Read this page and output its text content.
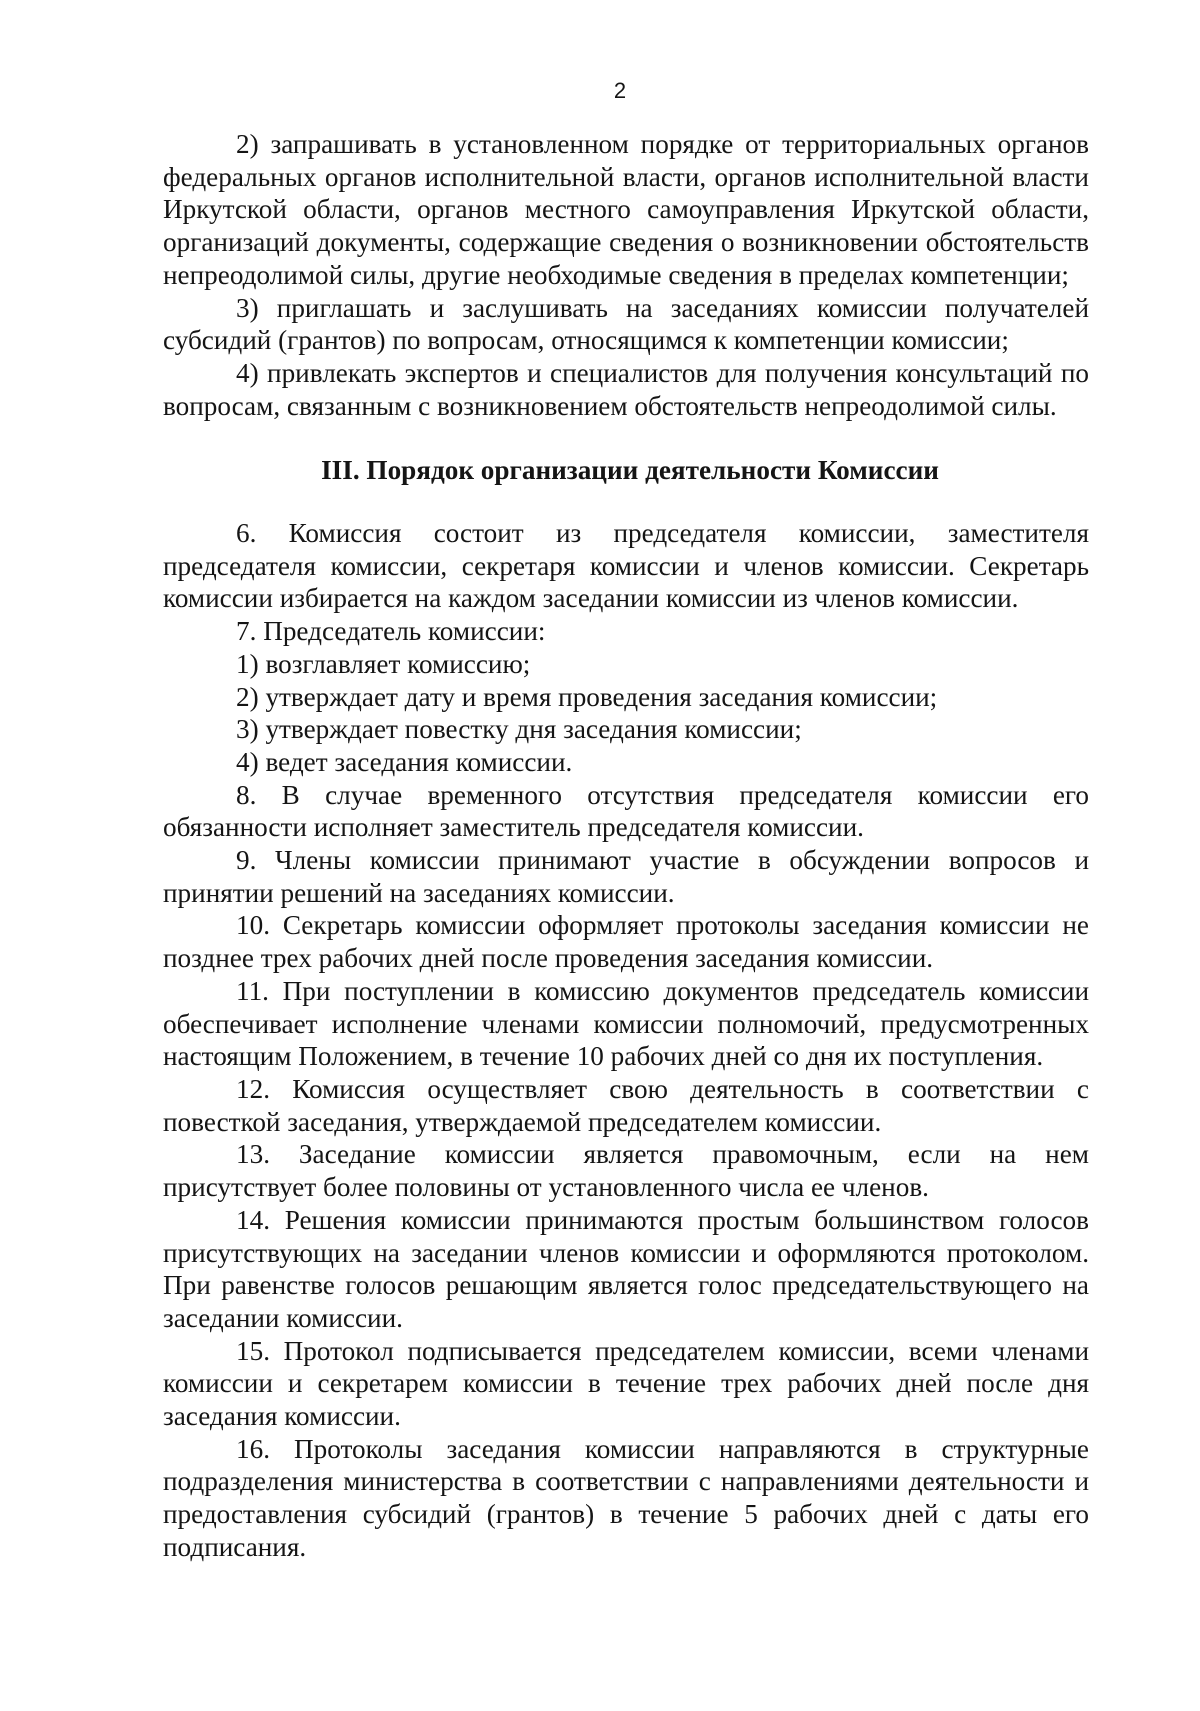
2

2) запрашивать в установленном порядке от территориальных органов федеральных органов исполнительной власти, органов исполнительной власти Иркутской области, органов местного самоуправления Иркутской области, организаций документы, содержащие сведения о возникновении обстоятельств непреодолимой силы, другие необходимые сведения в пределах компетенции;

3) приглашать и заслушивать на заседаниях комиссии получателей субсидий (грантов) по вопросам, относящимся к компетенции комиссии;

4) привлекать экспертов и специалистов для получения консультаций по вопросам, связанным с возникновением обстоятельств непреодолимой силы.

III. Порядок организации деятельности Комиссии

6. Комиссия состоит из председателя комиссии, заместителя председателя комиссии, секретаря комиссии и членов комиссии. Секретарь комиссии избирается на каждом заседании комиссии из членов комиссии.

7. Председатель комиссии:

1) возглавляет комиссию;

2) утверждает дату и время проведения заседания комиссии;

3) утверждает повестку дня заседания комиссии;

4) ведет заседания комиссии.

8. В случае временного отсутствия председателя комиссии его обязанности исполняет заместитель председателя комиссии.

9. Члены комиссии принимают участие в обсуждении вопросов и принятии решений на заседаниях комиссии.

10. Секретарь комиссии оформляет протоколы заседания комиссии не позднее трех рабочих дней после проведения заседания комиссии.

11. При поступлении в комиссию документов председатель комиссии обеспечивает исполнение членами комиссии полномочий, предусмотренных настоящим Положением, в течение 10 рабочих дней со дня их поступления.

12. Комиссия осуществляет свою деятельность в соответствии с повесткой заседания, утверждаемой председателем комиссии.

13. Заседание комиссии является правомочным, если на нем присутствует более половины от установленного числа ее членов.

14. Решения комиссии принимаются простым большинством голосов присутствующих на заседании членов комиссии и оформляются протоколом. При равенстве голосов решающим является голос председательствующего на заседании комиссии.

15. Протокол подписывается председателем комиссии, всеми членами комиссии и секретарем комиссии в течение трех рабочих дней после дня заседания комиссии.

16. Протоколы заседания комиссии направляются в структурные подразделения министерства в соответствии с направлениями деятельности и предоставления субсидий (грантов) в течение 5 рабочих дней с даты его подписания.
